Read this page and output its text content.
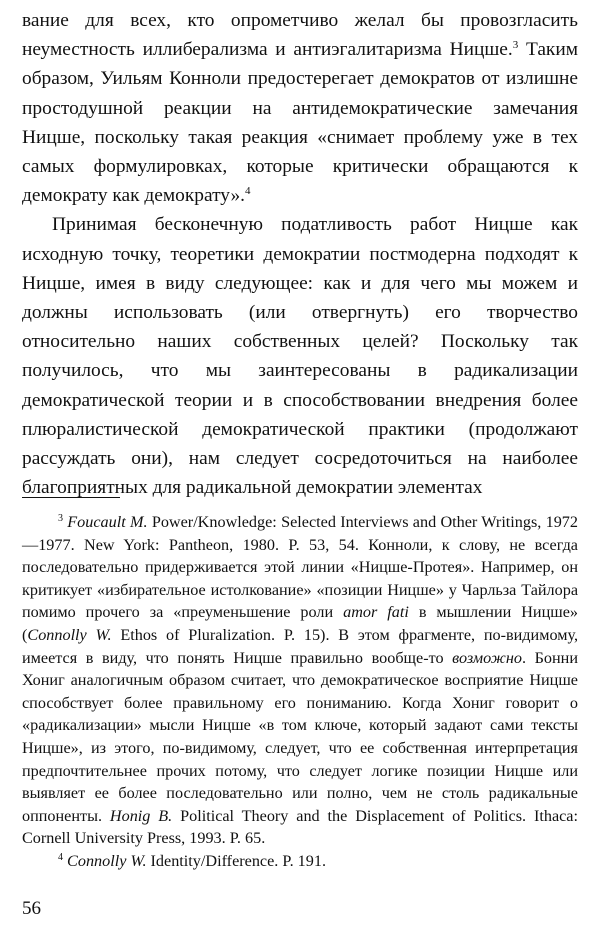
вание для всех, кто опрометчиво желал бы провозгласить неуместность иллиберализма и антиэгалитаризма Ницше.$^3$ Таким образом, Уильям Конноли предостерегает демократов от излишне простодушной реакции на антидемократические замечания Ницше, поскольку такая реакция «снимает проблему уже в тех самых формулировках, которые критически обращаются к демократу как демократу».$^4$

Принимая бесконечную податливость работ Ницше как исходную точку, теоретики демократии постмодерна подходят к Ницше, имея в виду следующее: как и для чего мы можем и должны использовать (или отвергнуть) его творчество относительно наших собственных целей? Поскольку так получилось, что мы заинтересованы в радикализации демократической теории и в способствовании внедрения более плюралистической демократической практики (продолжают рассуждать они), нам следует сосредоточиться на наиболее благоприятных для радикальной демократии элементах

$^3$ Foucault M. Power/Knowledge: Selected Interviews and Other Writings, 1972—1977. New York: Pantheon, 1980. P. 53, 54. Конноли, к слову, не всегда последовательно придерживается этой линии «Ницше-Протея». Например, он критикует «избирательное истолкование» «позиции Ницше» у Чарльза Тайлора помимо прочего за «преуменьшение роли amor fati в мышлении Ницше» (Connolly W. Ethos of Pluralization. P. 15). В этом фрагменте, по-видимому, имеется в виду, что понять Ницше правильно вообще-то возможно. Бонни Хониг аналогичным образом считает, что демократическое восприятие Ницше способствует более правильному его пониманию. Когда Хониг говорит о «радикализации» мысли Ницше «в том ключе, который задают сами тексты Ницше», из этого, по-видимому, следует, что ее собственная интерпретация предпочтительнее прочих потому, что следует логике позиции Ницше или выявляет ее более последовательно или полно, чем не столь радикальные оппоненты. Honig B. Political Theory and the Displacement of Politics. Ithaca: Cornell University Press, 1993. P. 65.

$^4$ Connolly W. Identity/Difference. P. 191.

56
